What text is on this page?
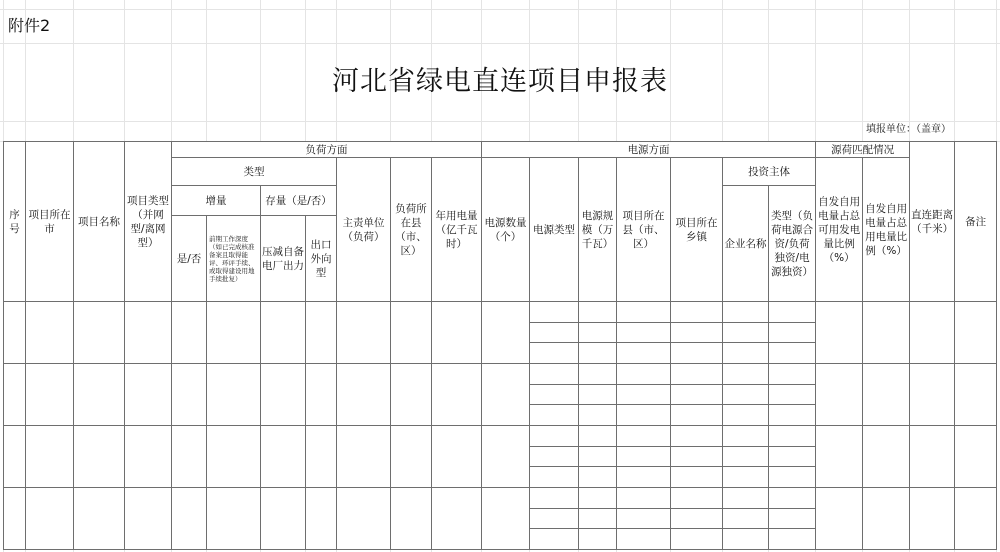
附件2
河北省绿电直连项目申报表
填报单位：（盖章）
序号	项目所在市	项目名称	项目类型（并网型/离网型）	负荷方面							电源方面							源荷匹配情况		直连距离（千米）	备注
				类型				主责单位（负荷）	负荷所在县（市、区）	年用电量（亿千瓦时）	电源数量（个）	电源类型	电源规模（万千瓦）	项目所在县（市、区）	项目所在乡镇	投资主体		自发自用电量占总可用发电量比例（%）	自发自用电量占总用电量比例（%）		
				增量		存量（是/否）										企业名称	类型（负荷电源合资/负荷独资/电源独资）				

				是/否	前期工作深度（如已完成核准备案且取得能评、环评手续、或取得建设用地手续批复）	压减自备电厂出力	出口外向型														
